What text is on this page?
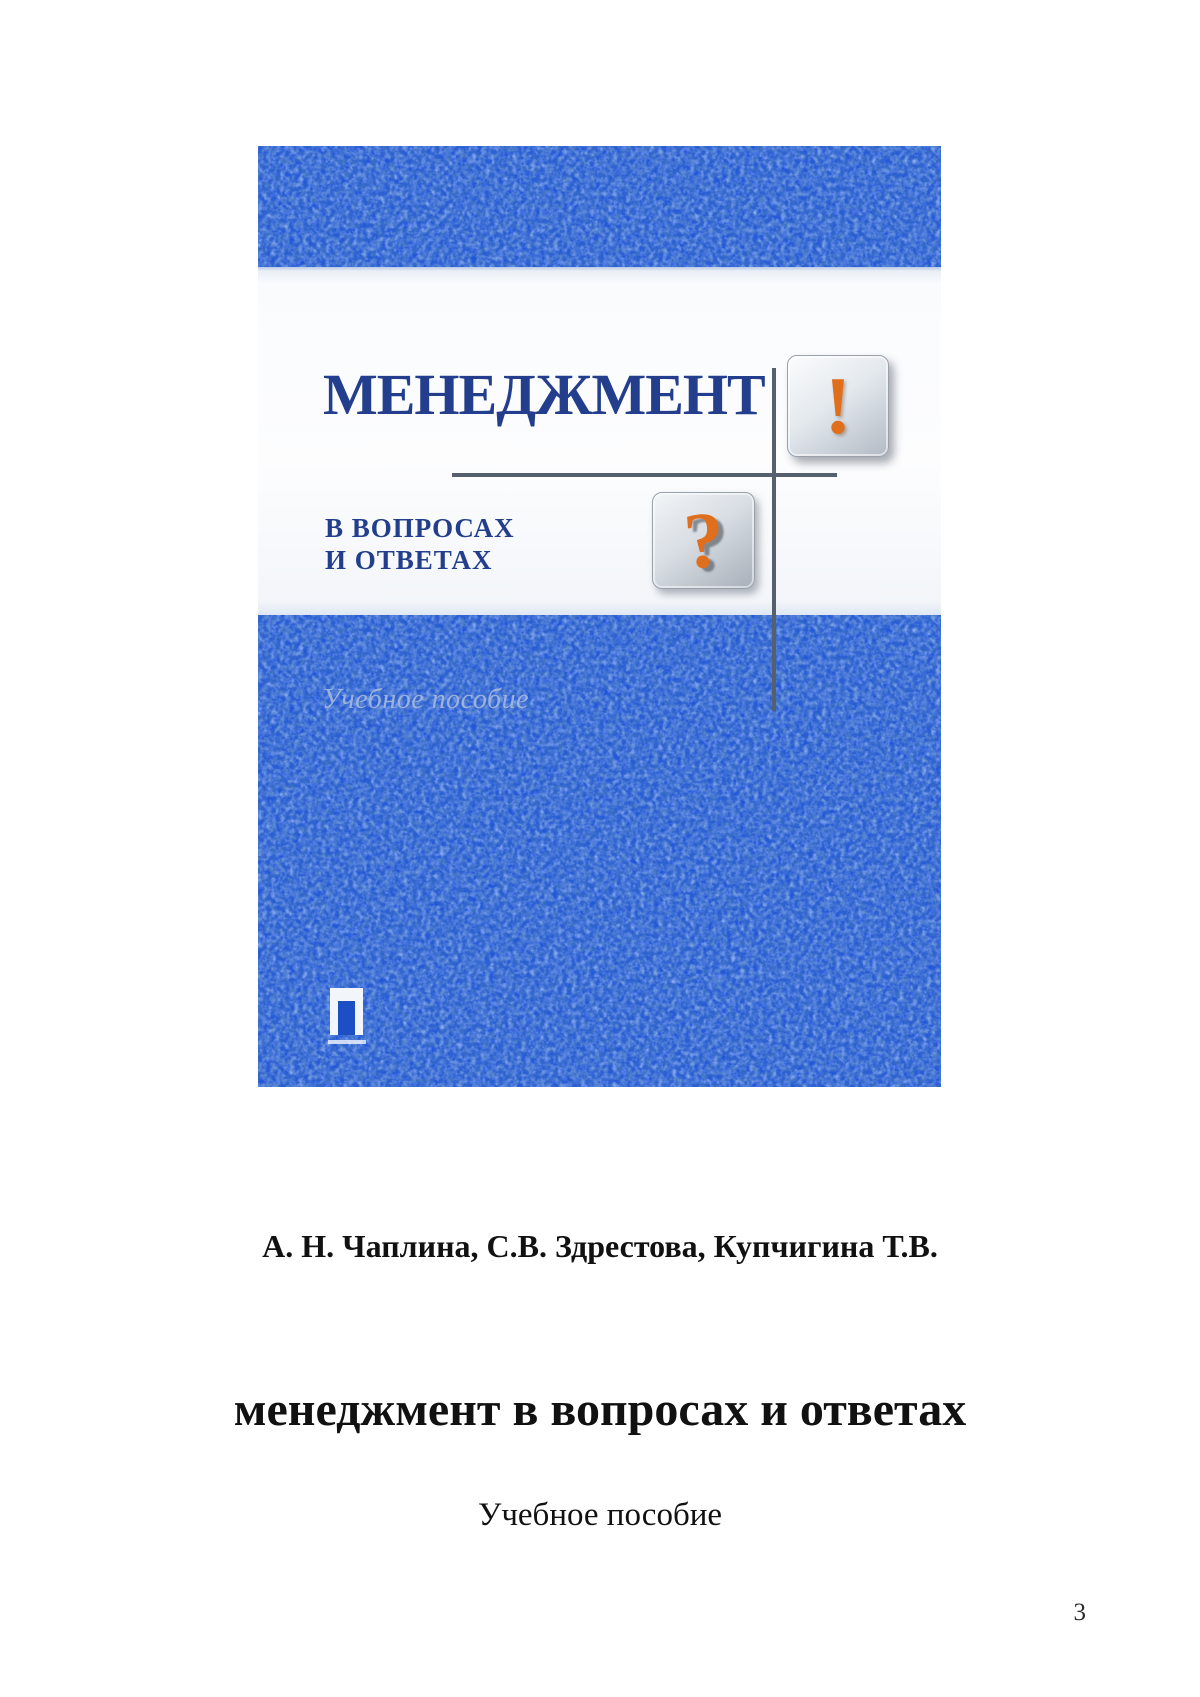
МЕНЕДЖМЕНТ !
?
В ВОПРОСАХ
И ОТВЕТАХ
Учебное пособие
А. Н. Чаплина, С.В. Здрестова, Купчигина Т.В.
менеджмент в вопросах и ответах
Учебное пособие
3
